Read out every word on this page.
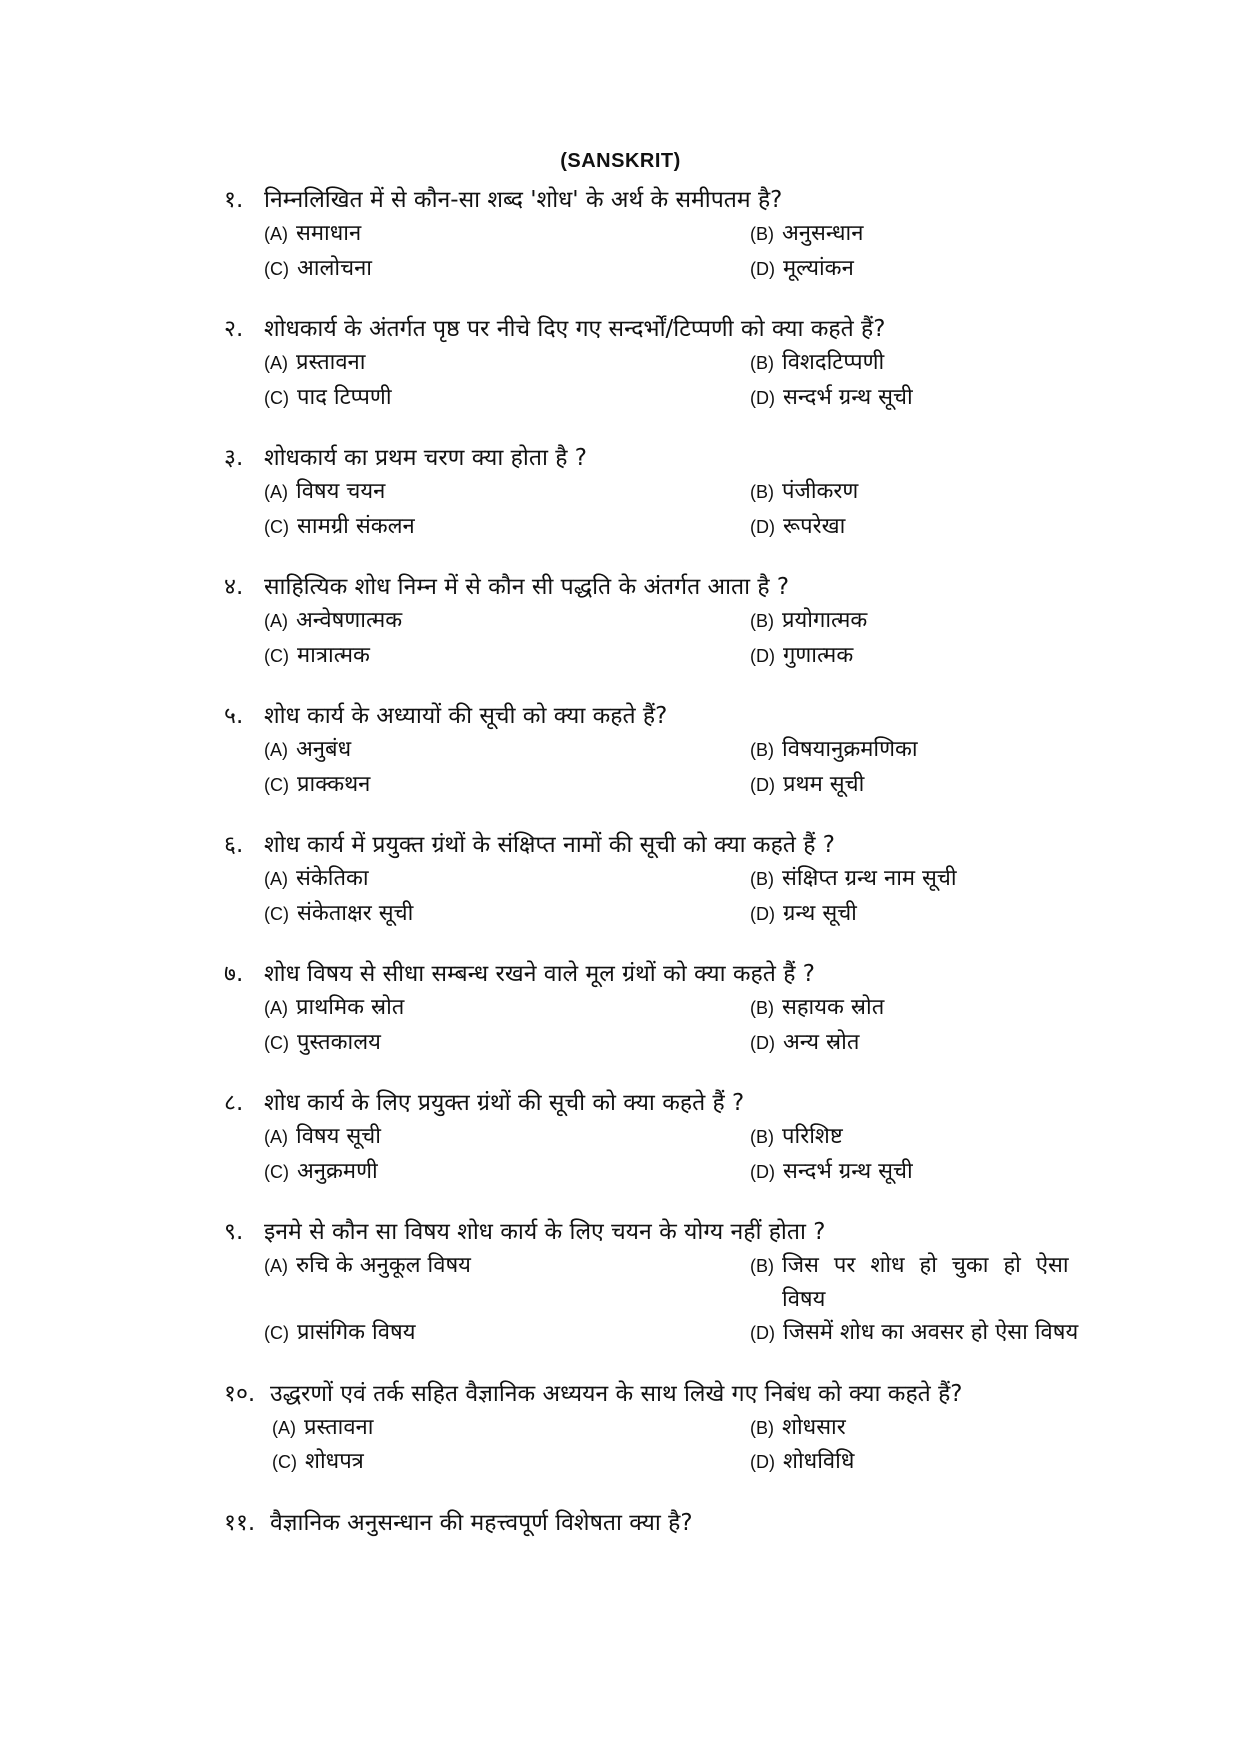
(SANSKRIT)
१. निम्नलिखित में से कौन-सा शब्द 'शोध' के अर्थ के समीपतम है?
(A) समाधान	(B) अनुसन्धान
(C) आलोचना	(D) मूल्यांकन
२. शोधकार्य के अंतर्गत पृष्ठ पर नीचे दिए गए सन्दर्भों/टिप्पणी को क्या कहते हैं?
(A) प्रस्तावना	(B) विशदटिप्पणी
(C) पाद टिप्पणी	(D) सन्दर्भ ग्रन्थ सूची
३. शोधकार्य का प्रथम चरण क्या होता है ?
(A) विषय चयन	(B) पंजीकरण
(C) सामग्री संकलन	(D) रूपरेखा
४. साहित्यिक शोध निम्न में से कौन सी पद्धति के अंतर्गत आता है ?
(A) अन्वेषणात्मक	(B) प्रयोगात्मक
(C) मात्रात्मक	(D) गुणात्मक
५. शोध कार्य के अध्यायों की सूची को क्या कहते हैं?
(A) अनुबंध	(B) विषयानुक्रमणिका
(C) प्राक्कथन	(D) प्रथम सूची
६. शोध कार्य में प्रयुक्त ग्रंथों के संक्षिप्त नामों की सूची को क्या कहते हैं ?
(A) संकेतिका	(B) संक्षिप्त ग्रन्थ नाम सूची
(C) संकेताक्षर सूची	(D) ग्रन्थ सूची
७. शोध विषय से सीधा सम्बन्ध रखने वाले मूल ग्रंथों को क्या कहते हैं ?
(A) प्राथमिक स्रोत	(B) सहायक स्रोत
(C) पुस्तकालय	(D) अन्य स्रोत
८. शोध कार्य के लिए प्रयुक्त ग्रंथों की सूची को क्या कहते हैं ?
(A) विषय सूची	(B) परिशिष्ट
(C) अनुक्रमणी	(D) सन्दर्भ ग्रन्थ सूची
९. इनमे से कौन सा विषय शोध कार्य के लिए चयन के योग्य नहीं होता ?
(A) रुचि के अनुकूल विषय	(B) जिस पर शोध हो चुका हो ऐसा विषय
(C) प्रासंगिक विषय	(D) जिसमें शोध का अवसर हो ऐसा विषय
१०. उद्धरणों एवं तर्क सहित वैज्ञानिक अध्ययन के साथ लिखे गए निबंध को क्या कहते हैं?
(A) प्रस्तावना	(B) शोधसार
(C) शोधपत्र	(D) शोधविधि
११. वैज्ञानिक अनुसन्धान की महत्त्वपूर्ण विशेषता क्या है?
